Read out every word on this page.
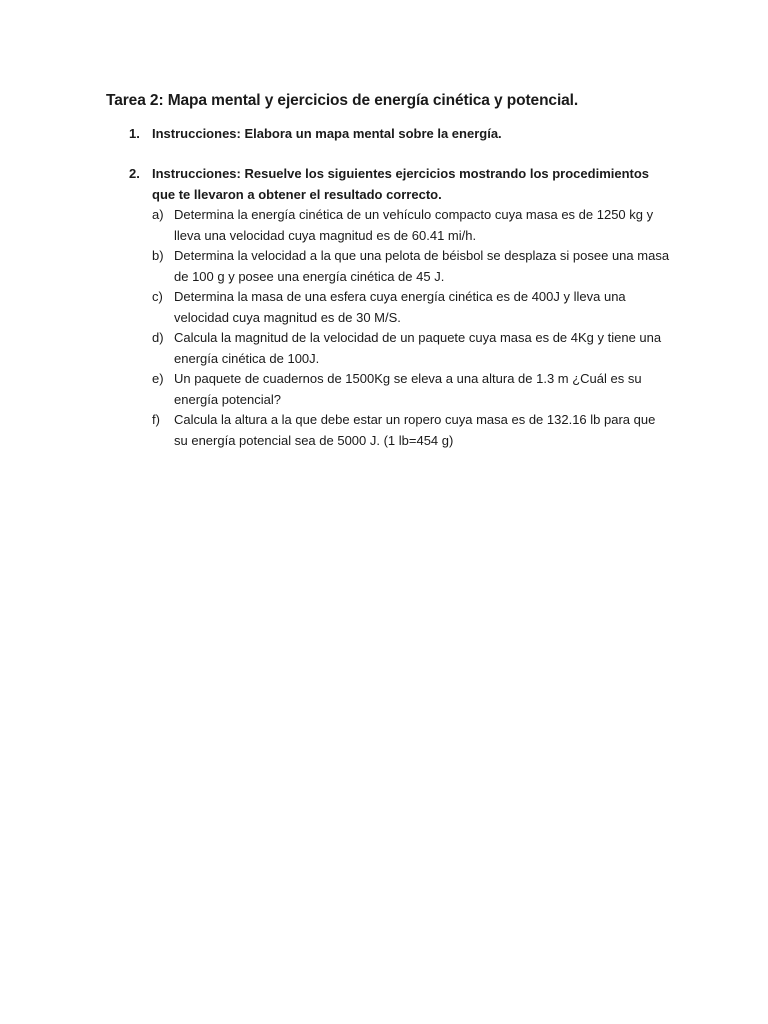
Tarea 2: Mapa mental y ejercicios de energía cinética y potencial.
1. Instrucciones: Elabora un mapa mental sobre la energía.
2. Instrucciones: Resuelve los siguientes ejercicios mostrando los procedimientos que te llevaron a obtener el resultado correcto.
a) Determina la energía cinética de un vehículo compacto cuya masa es de 1250 kg y lleva una velocidad cuya magnitud es de 60.41 mi/h.
b) Determina la velocidad a la que una pelota de béisbol se desplaza si posee una masa de 100 g y posee una energía cinética de 45 J.
c) Determina la masa de una esfera cuya energía cinética es de 400J y lleva una velocidad cuya magnitud es de 30 M/S.
d) Calcula la magnitud de la velocidad de un paquete cuya masa es de 4Kg y tiene una energía cinética de 100J.
e) Un paquete de cuadernos de 1500Kg se eleva a una altura de 1.3 m ¿Cuál es su energía potencial?
f) Calcula la altura a la que debe estar un ropero cuya masa es de 132.16 lb para que su energía potencial sea de 5000 J. (1 lb=454 g)
